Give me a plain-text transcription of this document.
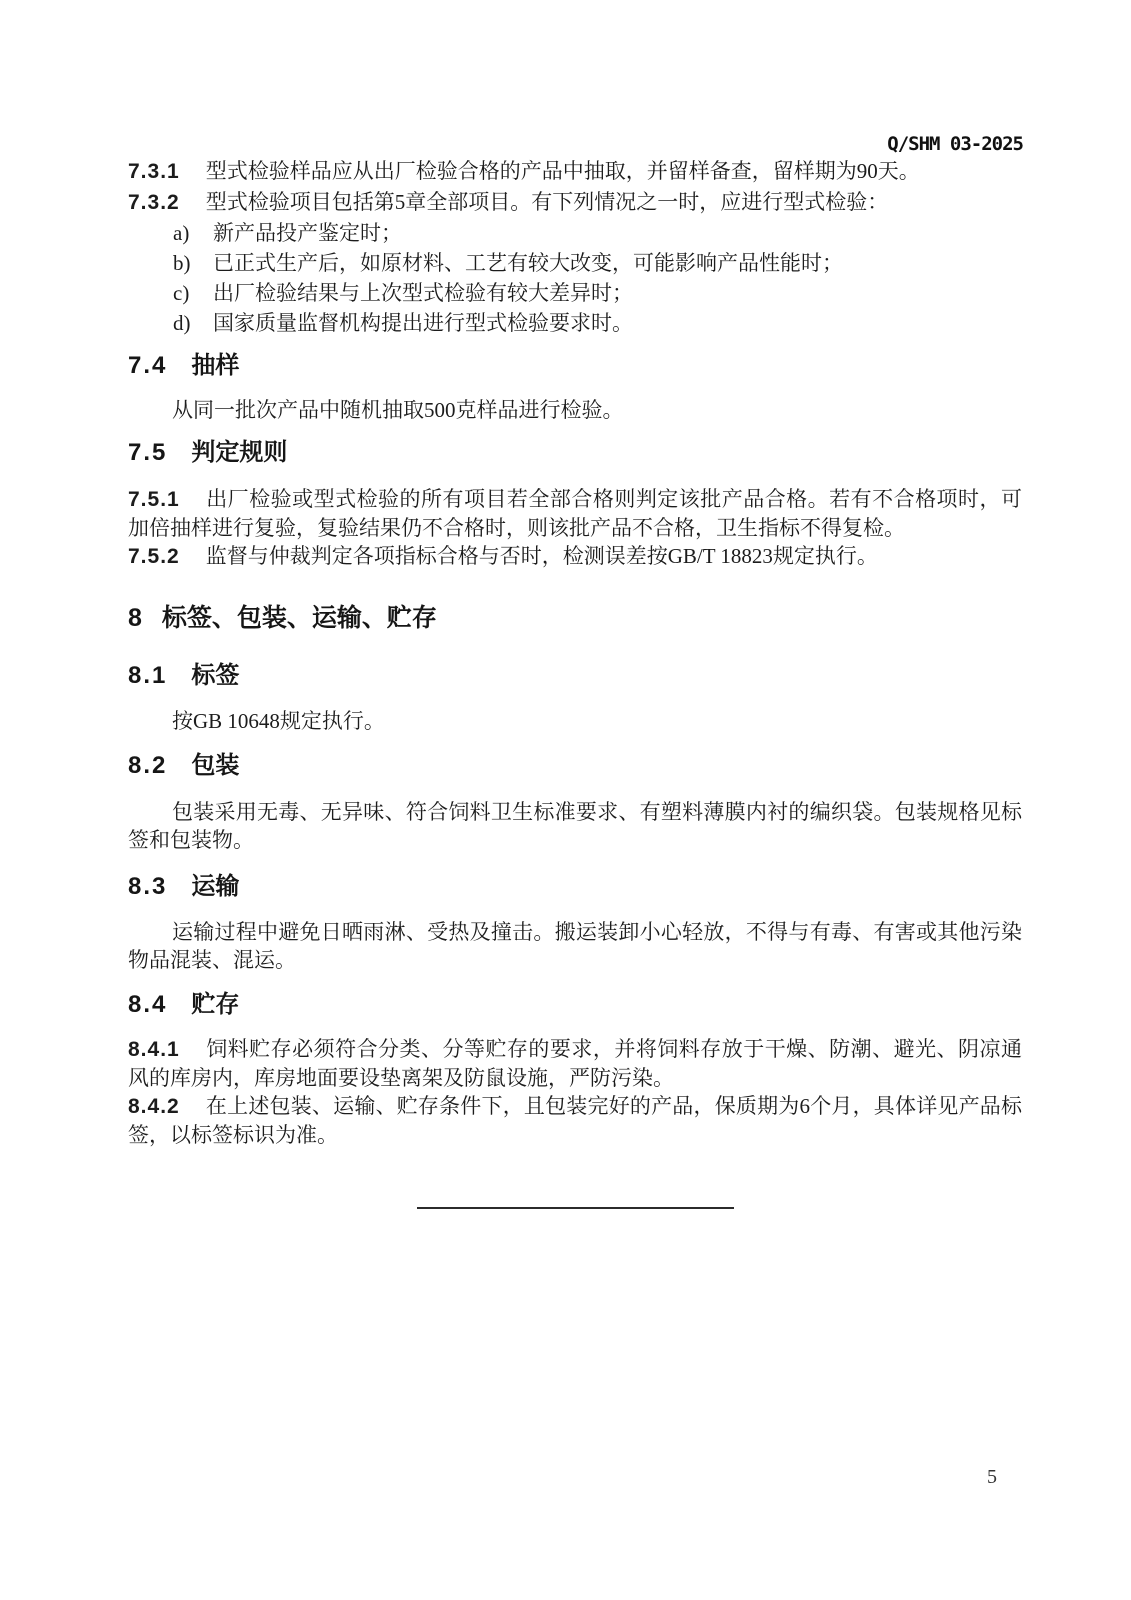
Q/SHM 03-2025

7.3.1 型式检验样品应从出厂检验合格的产品中抽取，并留样备查，留样期为90天。

7.3.2 型式检验项目包括第5章全部项目。有下列情况之一时，应进行型式检验：

a) 新产品投产鉴定时；

b) 已正式生产后，如原材料、工艺有较大改变，可能影响产品性能时；

c) 出厂检验结果与上次型式检验有较大差异时；

d) 国家质量监督机构提出进行型式检验要求时。

7.4 抽样

从同一批次产品中随机抽取500克样品进行检验。

7.5 判定规则

7.5.1 出厂检验或型式检验的所有项目若全部合格则判定该批产品合格。若有不合格项时，可加倍抽样进行复验，复验结果仍不合格时，则该批产品不合格，卫生指标不得复检。

7.5.2 监督与仲裁判定各项指标合格与否时，检测误差按GB/T 18823规定执行。

8 标签、包装、运输、贮存
8.1 标签

按GB 10648规定执行。

8.2 包装

包装采用无毒、无异味、符合饲料卫生标准要求、有塑料薄膜内衬的编织袋。包装规格见标签和包装物。

8.3 运输

运输过程中避免日晒雨淋、受热及撞击。搬运装卸小心轻放，不得与有毒、有害或其他污染物品混装、混运。

8.4 贮存

8.4.1 饲料贮存必须符合分类、分等贮存的要求，并将饲料存放于干燥、防潮、避光、阴凉通风的库房内，库房地面要设垫离架及防鼠设施，严防污染。

8.4.2 在上述包装、运输、贮存条件下，且包装完好的产品，保质期为6个月，具体详见产品标签，以标签标识为准。

5
